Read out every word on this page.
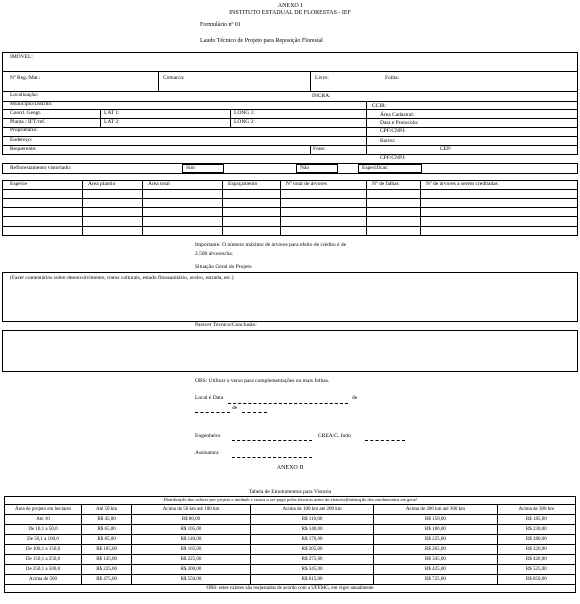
ANEXO I
INSTITUTO ESTADUAL DE FLORESTAS - IEF
Formulário nº 01
Laudo Técnico de Projeto para Reposição Florestal
IMÓVEL:
Nº Reg./Mat.:	Comarca:	Livro:	Folha:
Localização:	INCRA:
Município/Distrito:	CCIR:
Coord. Geogr.	LAT 1:	LONG 1:	Área Cadastral:
Planta / IFT/ref.	LAT 2:	LONG 2:	Data e Protocolo:
Proprietário:	CPF/CNPJ:
Endereço:	Bairro:
Requerente:	Fone:	CEP:
CPF/CNPJ:
Reflorestamento vistoriado:	Sim	Não	Especificar:
Espécie	Área plantio	Área total	Espaçamento	Nº total de árvores	Nº de falhas	Nº de árvores a serem creditadas
Importante: O número máximo de árvores para efeito de crédito é de
2.500 árvores/ha.
Situação Geral do Projeto
(Fazer comentários sobre desenvolvimento, tratos culturais, estado fitossanitário, aceiro, estrada, etc.)
Parecer Técnico/Conclusão:
OBS: Utilizar o verso para complementações ou mais folhas.
Local e Data	de
de
Engenheiro	CREA/C. Indo
Assinatura
ANEXO II
Tabela de Emolumentos para Vistoria
Distribuição dos valores por projeto e unidade e custos a ser pago pelos técnicos antes da vistoria/finalização dos emolumentos em geral					
Área de projeto em hectares	Até 50 km	Acima de 50 km até 100 km	Acima de 100 km até 200 km	Acima de 200 km até 300 km	Acima de 300 km

Até 10	R$ 45,00	R$ 80,00	R$ 110,00	R$ 150,00	R$ 185,00
De 10,1 a 50,0	R$ 65,00	R$ 105,00	R$ 140,00	R$ 180,00	R$ 230,00
De 50,1 a 100,0	R$ 85,00	R$ 140,00	R$ 170,00	R$ 225,00	R$ 280,00
De 100,1 a 150,0	R$ 105,00	R$ 165,00	R$ 205,00	R$ 265,00	R$ 320,00
De 150,1 a 250,0	R$ 145,00	R$ 225,00	R$ 275,00	R$ 345,00	R$ 420,00
De 250,1 a 500,0	R$ 225,00	R$ 300,00	R$ 345,00	R$ 425,00	R$ 525,00
Acima de 500	R$ 475,00	R$ 550,00	R$ 615,00	R$ 725,00	R$ 850,00
OBS: estes valores são reajustados de acordo com a UFEMG, em vigor anualmente					
